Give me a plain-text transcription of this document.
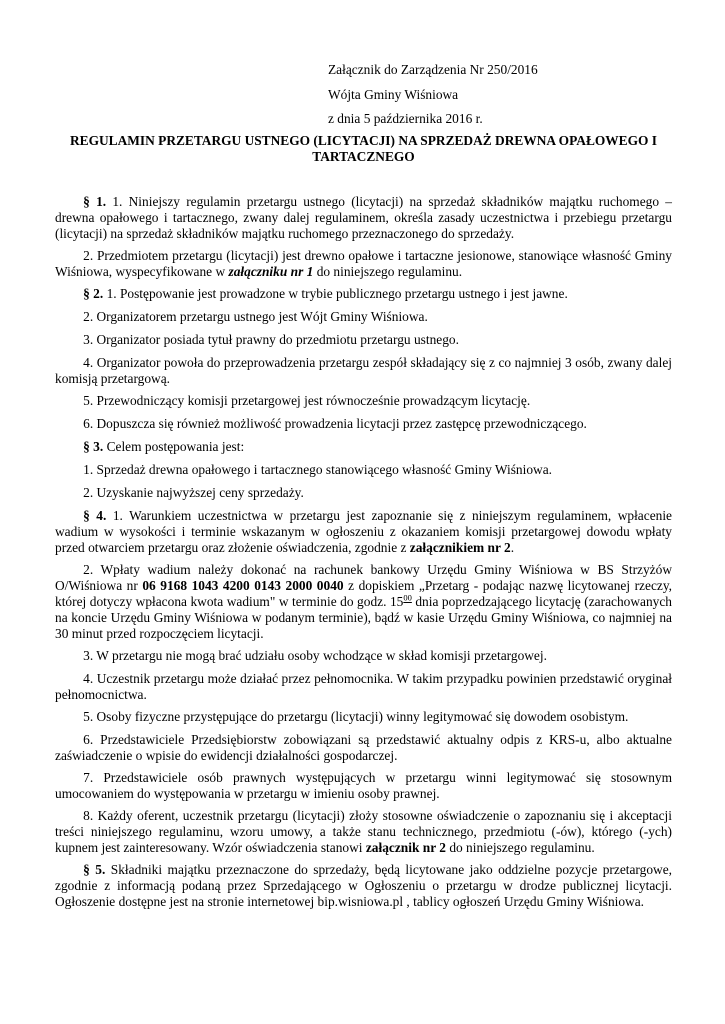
Załącznik do Zarządzenia Nr 250/2016
Wójta Gminy Wiśniowa
z dnia 5 października 2016 r.
REGULAMIN PRZETARGU USTNEGO (LICYTACJI) NA SPRZEDAŻ DREWNA OPAŁOWEGO I TARTACZNEGO

§ 1. 1. Niniejszy regulamin przetargu ustnego (licytacji) na sprzedaż składników majątku ruchomego – drewna opałowego i tartacznego, zwany dalej regulaminem, określa zasady uczestnictwa i przebiegu przetargu (licytacji) na sprzedaż składników majątku ruchomego przeznaczonego do sprzedaży.

2. Przedmiotem przetargu (licytacji) jest drewno opałowe i tartaczne jesionowe, stanowiące własność Gminy Wiśniowa, wyspecyfikowane w załączniku nr 1 do niniejszego regulaminu.

§ 2. 1. Postępowanie jest prowadzone w trybie publicznego przetargu ustnego i jest jawne.

2. Organizatorem przetargu ustnego jest Wójt Gminy Wiśniowa.

3. Organizator posiada tytuł prawny do przedmiotu przetargu ustnego.

4. Organizator powoła do przeprowadzenia przetargu zespół składający się z co najmniej 3 osób, zwany dalej komisją przetargową.

5. Przewodniczący komisji przetargowej jest równocześnie prowadzącym licytację.

6. Dopuszcza się również możliwość prowadzenia licytacji przez zastępcę przewodniczącego.

§ 3. Celem postępowania jest:

1. Sprzedaż drewna opałowego i tartacznego stanowiącego własność Gminy Wiśniowa.

2. Uzyskanie najwyższej ceny sprzedaży.

§ 4. 1. Warunkiem uczestnictwa w przetargu jest zapoznanie się z niniejszym regulaminem, wpłacenie wadium w wysokości i terminie wskazanym w ogłoszeniu z okazaniem komisji przetargowej dowodu wpłaty przed otwarciem przetargu oraz złożenie oświadczenia, zgodnie z załącznikiem nr 2.

2. Wpłaty wadium należy dokonać na rachunek bankowy Urzędu Gminy Wiśniowa w BS Strzyżów O/Wiśniowa nr 06 9168 1043 4200 0143 2000 0040 z dopiskiem „Przetarg - podając nazwę licytowanej rzeczy, której dotyczy wpłacona kwota wadium" w terminie do godz. $15^{00}$ dnia poprzedzającego licytację (zarachowanych na koncie Urzędu Gminy Wiśniowa w podanym terminie), bądź w kasie Urzędu Gminy Wiśniowa, co najmniej na 30 minut przed rozpoczęciem licytacji.

3. W przetargu nie mogą brać udziału osoby wchodzące w skład komisji przetargowej.

4. Uczestnik przetargu może działać przez pełnomocnika. W takim przypadku powinien przedstawić oryginał pełnomocnictwa.

5. Osoby fizyczne przystępujące do przetargu (licytacji) winny legitymować się dowodem osobistym.

6. Przedstawiciele Przedsiębiorstw zobowiązani są przedstawić aktualny odpis z KRS-u, albo aktualne zaświadczenie o wpisie do ewidencji działalności gospodarczej.

7. Przedstawiciele osób prawnych występujących w przetargu winni legitymować się stosownym umocowaniem do występowania w przetargu w imieniu osoby prawnej.

8. Każdy oferent, uczestnik przetargu (licytacji) złoży stosowne oświadczenie o zapoznaniu się i akceptacji treści niniejszego regulaminu, wzoru umowy, a także stanu technicznego, przedmiotu (-ów), którego (-ych) kupnem jest zainteresowany. Wzór oświadczenia stanowi załącznik nr 2 do niniejszego regulaminu.

§ 5. Składniki majątku przeznaczone do sprzedaży, będą licytowane jako oddzielne pozycje przetargowe, zgodnie z informacją podaną przez Sprzedającego w Ogłoszeniu o przetargu w drodze publicznej licytacji. Ogłoszenie dostępne jest na stronie internetowej bip.wisniowa.pl , tablicy ogłoszeń Urzędu Gminy Wiśniowa.
